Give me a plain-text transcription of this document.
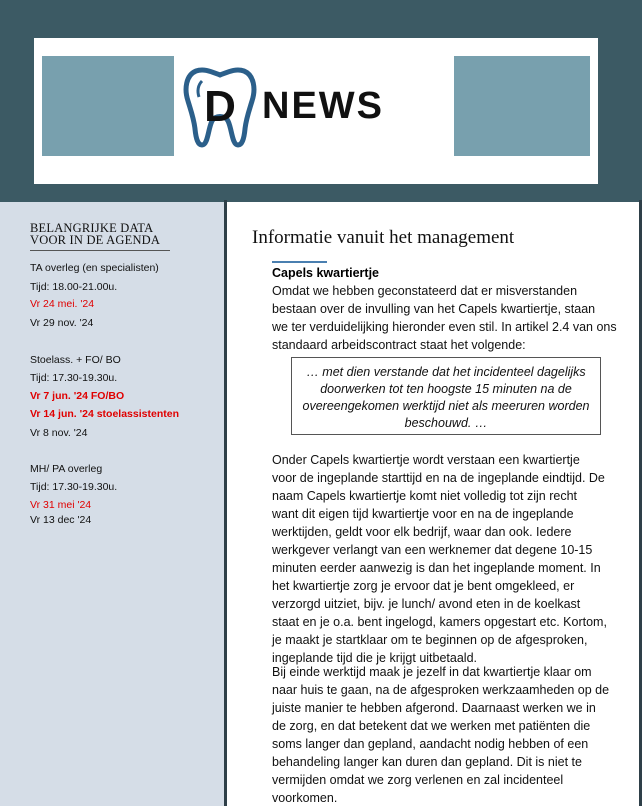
D NEWS
BELANGRIJKE DATA
VOOR IN DE AGENDA
TA overleg (en specialisten)
Tijd: 18.00-21.00u.
Vr 24 mei. '24
Vr 29 nov. '24
Stoelass. + FO/ BO
Tijd: 17.30-19.30u.
Vr 7 jun. '24 FO/BO
Vr 14 jun. '24 stoelassistenten
Vr 8 nov. '24
MH/ PA overleg
Tijd: 17.30-19.30u.
Vr 31 mei '24
Vr 13 dec '24
Informatie vanuit het management
Capels kwartiertje
Omdat we hebben geconstateerd dat er misverstanden
bestaan over de invulling van het Capels kwartiertje, staan
we ter verduidelijking hieronder even stil. In artikel 2.4 van ons
standaard arbeidscontract staat het volgende:
… met dien verstande dat het incidenteel dagelijks
doorwerken tot ten hoogste 15 minuten na de
overeengekomen werktijd niet als meeruren worden
beschouwd. …
Onder Capels kwartiertje wordt verstaan een kwartiertje
voor de ingeplande starttijd en na de ingeplande eindtijd. De
naam Capels kwartiertje komt niet volledig tot zijn recht
want dit eigen tijd kwartiertje voor en na de ingeplande
werktijden, geldt voor elk bedrijf, waar dan ook. Iedere
werkgever verlangt van een werknemer dat degene 10-15
minuten eerder aanwezig is dan het ingeplande moment. In
het kwartiertje zorg je ervoor dat je bent omgekleed, er
verzorgd uitziet, bijv. je lunch/ avond eten in de koelkast
staat en je o.a. bent ingelogd, kamers opgestart etc. Kortom,
je maakt je startklaar om te beginnen op de afgesproken,
ingeplande tijd die je krijgt uitbetaald.
Bij einde werktijd maak je jezelf in dat kwartiertje klaar om
naar huis te gaan, na de afgesproken werkzaamheden op de
juiste manier te hebben afgerond. Daarnaast werken we in
de zorg, en dat betekent dat we werken met patiënten die
soms langer dan gepland, aandacht nodig hebben of een
behandeling langer kan duren dan gepland. Dit is niet te
vermijden omdat we zorg verlenen en zal incidenteel
voorkomen.
